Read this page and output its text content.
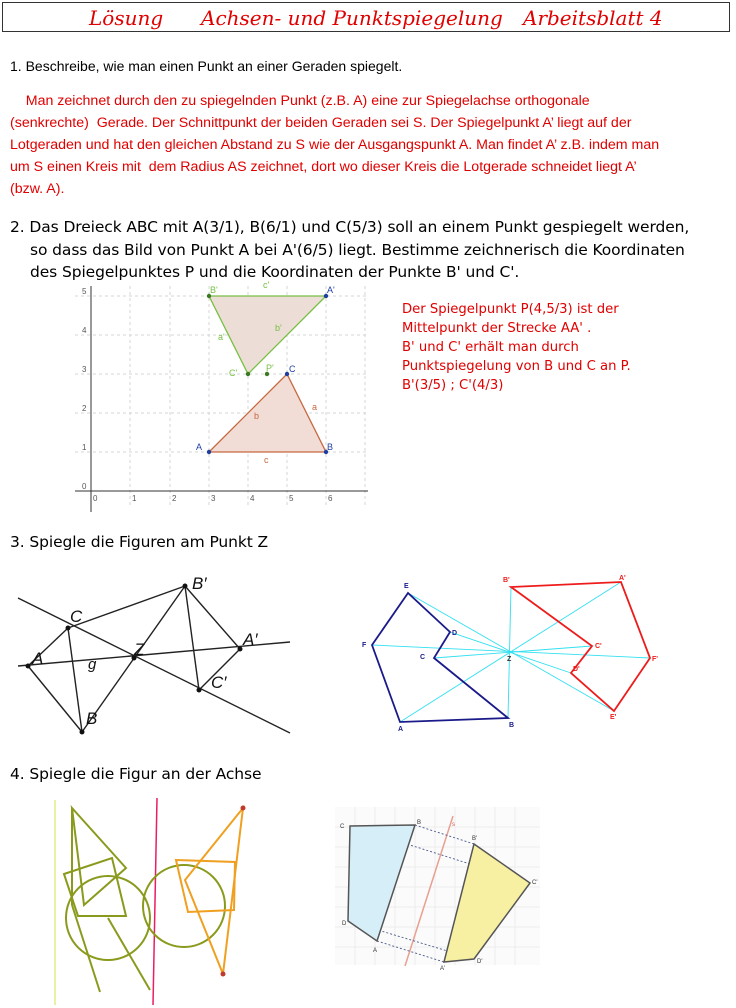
Lösung Achsen- und Punktspiegelung Arbeitsblatt 4
1. Beschreibe, wie man einen Punkt an einer Geraden spiegelt.
Man zeichnet durch den zu spiegelnden Punkt (z.B. A) eine zur Spiegelachse orthogonale
(senkrechte)  Gerade. Der Schnittpunkt der beiden Geraden sei S. Der Spiegelpunkt A’ liegt auf der
Lotgeraden und hat den gleichen Abstand zu S wie der Ausgangspunkt A. Man findet A’ z.B. indem man
um S einen Kreis mit  dem Radius AS zeichnet, dort wo dieser Kreis die Lotgerade schneidet liegt A’
(bzw. A).
2. Das Dreieck ABC mit A(3/1), B(6/1) und C(5/3) soll an einem Punkt gespiegelt werden,
so dass das Bild von Punkt A bei A'(6/5) liegt. Bestimme zeichnerisch die Koordinaten
des Spiegelpunktes P und die Koordinaten der Punkte B' und C'.
0	1	2	3	4	5	6
0
1
2
3
4
5
A	B
C
a
b
c
A'
B'
C'	P'
a'
b'
c'
Der Spiegelpunkt P(4,5/3) ist der
Mittelpunkt der Strecke AA' .
B' und C' erhält man durch
Punktspiegelung von B und C an P.
B'(3/5) ; C'(4/3)
3. Spiegle die Figuren am Punkt Z
A
C
B
Z
g
B′
A′
C′
E
F
A
B
C
D
Z
B'	A'
C'
D'
F'
E'
4. Spiegle die Figur an der Achse
C
B
D
A
s
B'
C'
D'
A'
